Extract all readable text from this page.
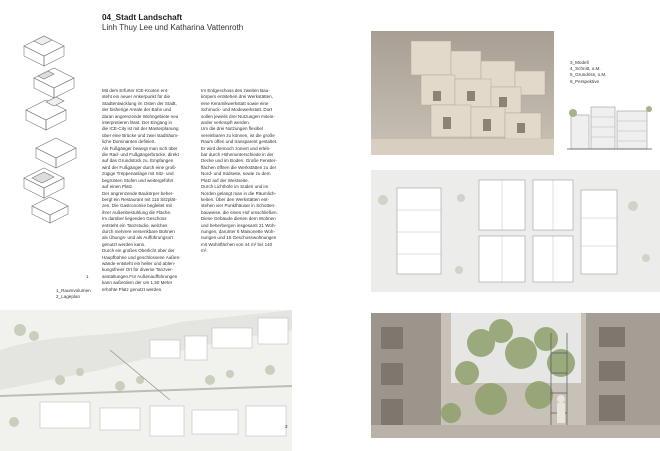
04_Stadt Landschaft
Linh Thuy Lee und Katharina Vattenroth
Mit dem Erfurter ICE-Knoten ent-
steht ein neuer Ankerpunkt für die
Stadtentwicklung im Osten der Stadt,
der bisherige Areale der Bahn und
daran angrenzende Wohngebiete neu
interpretieren lässt. Der Eingang in
die ICE-City ist mit der Masterplanung
über eine Brücke und zwei stadträum-
liche Dominanten definiert.
Als Fußgänger bewegt man sich über
die Rad- und Fußgängerbrücke, direkt
auf das Grundstück zu. Empfangen
wird der Fußgänger durch eine groß-
zügige Treppenanlage mit Sitz- und
begrünten Stufen und weitergeführt
auf einen Platz.
Der angrenzende Baukörper beher-
bergt ein Restaurant mit 115 Sitzplät-
zen. Die Gastronomie begleitet mit
ihrer Außenbestuhlung die Fläche.
Im darüber liegenden Geschoss
entsteht ein Tanzstudio, welches
durch mehrere versenkbare Bühnen
als Übungs- und als Aufführungsort
genutzt werden kann.
Durch ein großes Oberlicht über der
Haupfbühne und geschlossene Außen-
wände entsteht ein heller und ablen-
kungsfreier Ort für diverse Tanzver-
anstaltungen.Für Außenaufführungen
kann außerdem der um 1,50 Meter
erhöhte Platz genutzt werden.
Im Erdgeschoss des zweiten Bau-
körpers entstehen drei Werkstätten,
eine Keramikwerkstatt sowie eine
Schmuck- und Modewerkstatt. Dort
sollen jeweils drei Nutzungen mitein-
ander verknüpft werden.
Um die drei Nutzungen flexibel
vereinbaren zu können, ist die große
Raum offen und transparent gestaltet.
Er wird dennoch zoniert und erleb-
bar durch Höhenunterschiede in der
Decke und im Boden. Große Fenster-
flächen öffnen die Werkstätten zu der
Nord- und Südseite, sowie zu dem
Platz auf der Westseite.
Durch Lichthöfe im Süden und im
Norden gelangt man in die Räumlich-
keiten. Über den Werkstätten ent-
stehen vier Punkthäuser in Schotten-
bauweise, die einen Hof umschließen.
Diese Gebäude dienen dem Wohnen
und beherbergen insgesamt 21 Woh-
nungen, darunter 6 Maisonette Woh-
nungen und 15 Geschosswohnungen
mit Wohnflächen von 44 m² bis 140
m².
1
1_Raumvolumen
2_Lageplan
2
3_Modell
4_Schnitt, o.M.
5_Grundriss, o.M.
6_Perspektive
